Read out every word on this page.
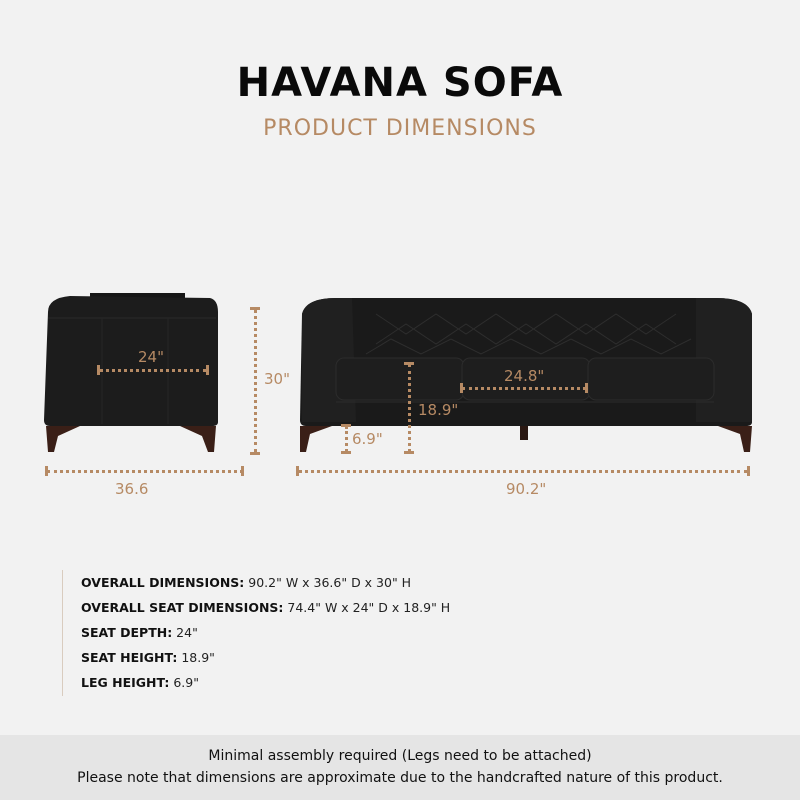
HAVANA SOFA
PRODUCT DIMENSIONS
24"
36.6
30"	24.8"
18.9"
6.9"
90.2"
OVERALL DIMENSIONS: 90.2" W x 36.6" D x 30" H
OVERALL SEAT DIMENSIONS: 74.4" W x 24" D x 18.9" H
SEAT DEPTH: 24"
SEAT HEIGHT: 18.9"
LEG HEIGHT: 6.9"
Minimal assembly required (Legs need to be attached)
Please note that dimensions are approximate due to the handcrafted nature of this product.
